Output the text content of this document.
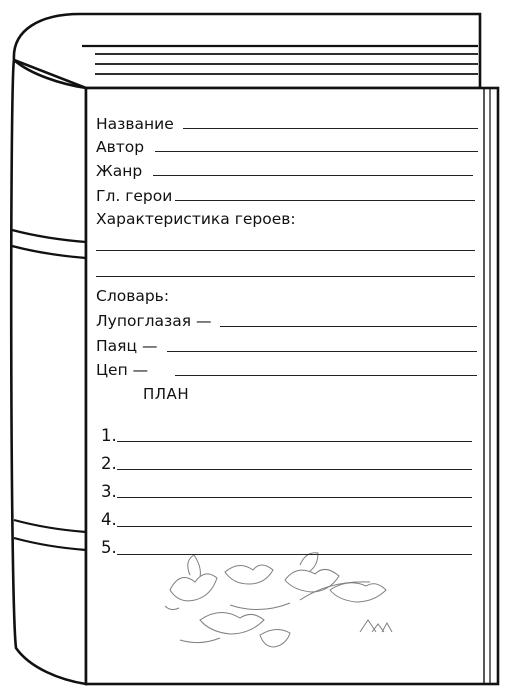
Название
Автор
Жанр
Гл. герои
Характеристика героев:
Словарь:
Лупоглазая —
Паяц —
Цеп —
ПЛАН
1.
2.
3.
4.
5.
